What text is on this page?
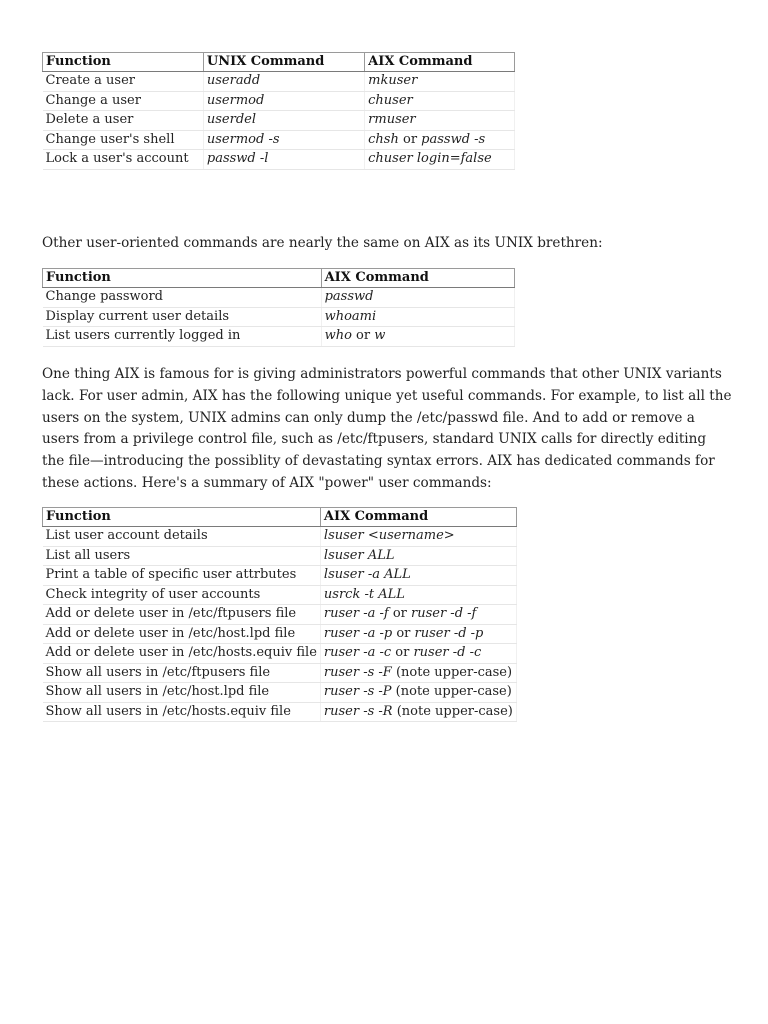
Function	UNIX Command	AIX Command
Create a user	useradd	mkuser
Change a user	usermod	chuser
Delete a user	userdel	rmuser
Change user's shell	usermod -s	chsh or passwd -s
Lock a user's account	passwd -l	chuser login=false

Other user-oriented commands are nearly the same on AIX as its UNIX brethren:

Function	AIX Command
Change password	passwd
Display current user details	whoami
List users currently logged in	who or w

One thing AIX is famous for is giving administrators powerful commands that other UNIX variants lack. For user admin, AIX has the following unique yet useful commands. For example, to list all the users on the system, UNIX admins can only dump the /etc/passwd file. And to add or remove a users from a privilege control file, such as /etc/ftpusers, standard UNIX calls for directly editing the file—introducing the possiblity of devastating syntax errors. AIX has dedicated commands for these actions. Here's a summary of AIX "power" user commands:

Function	AIX Command
List user account details	lsuser <username>
List all users	lsuser ALL
Print a table of specific user attrbutes	lsuser -a ALL
Check integrity of user accounts	usrck -t ALL
Add or delete user in /etc/ftpusers file	ruser -a -f or ruser -d -f
Add or delete user in /etc/host.lpd file	ruser -a -p or ruser -d -p
Add or delete user in /etc/hosts.equiv file	ruser -a -c or ruser -d -c
Show all users in /etc/ftpusers file	ruser -s -F (note upper-case)
Show all users in /etc/host.lpd file	ruser -s -P (note upper-case)
Show all users in /etc/hosts.equiv file	ruser -s -R (note upper-case)
